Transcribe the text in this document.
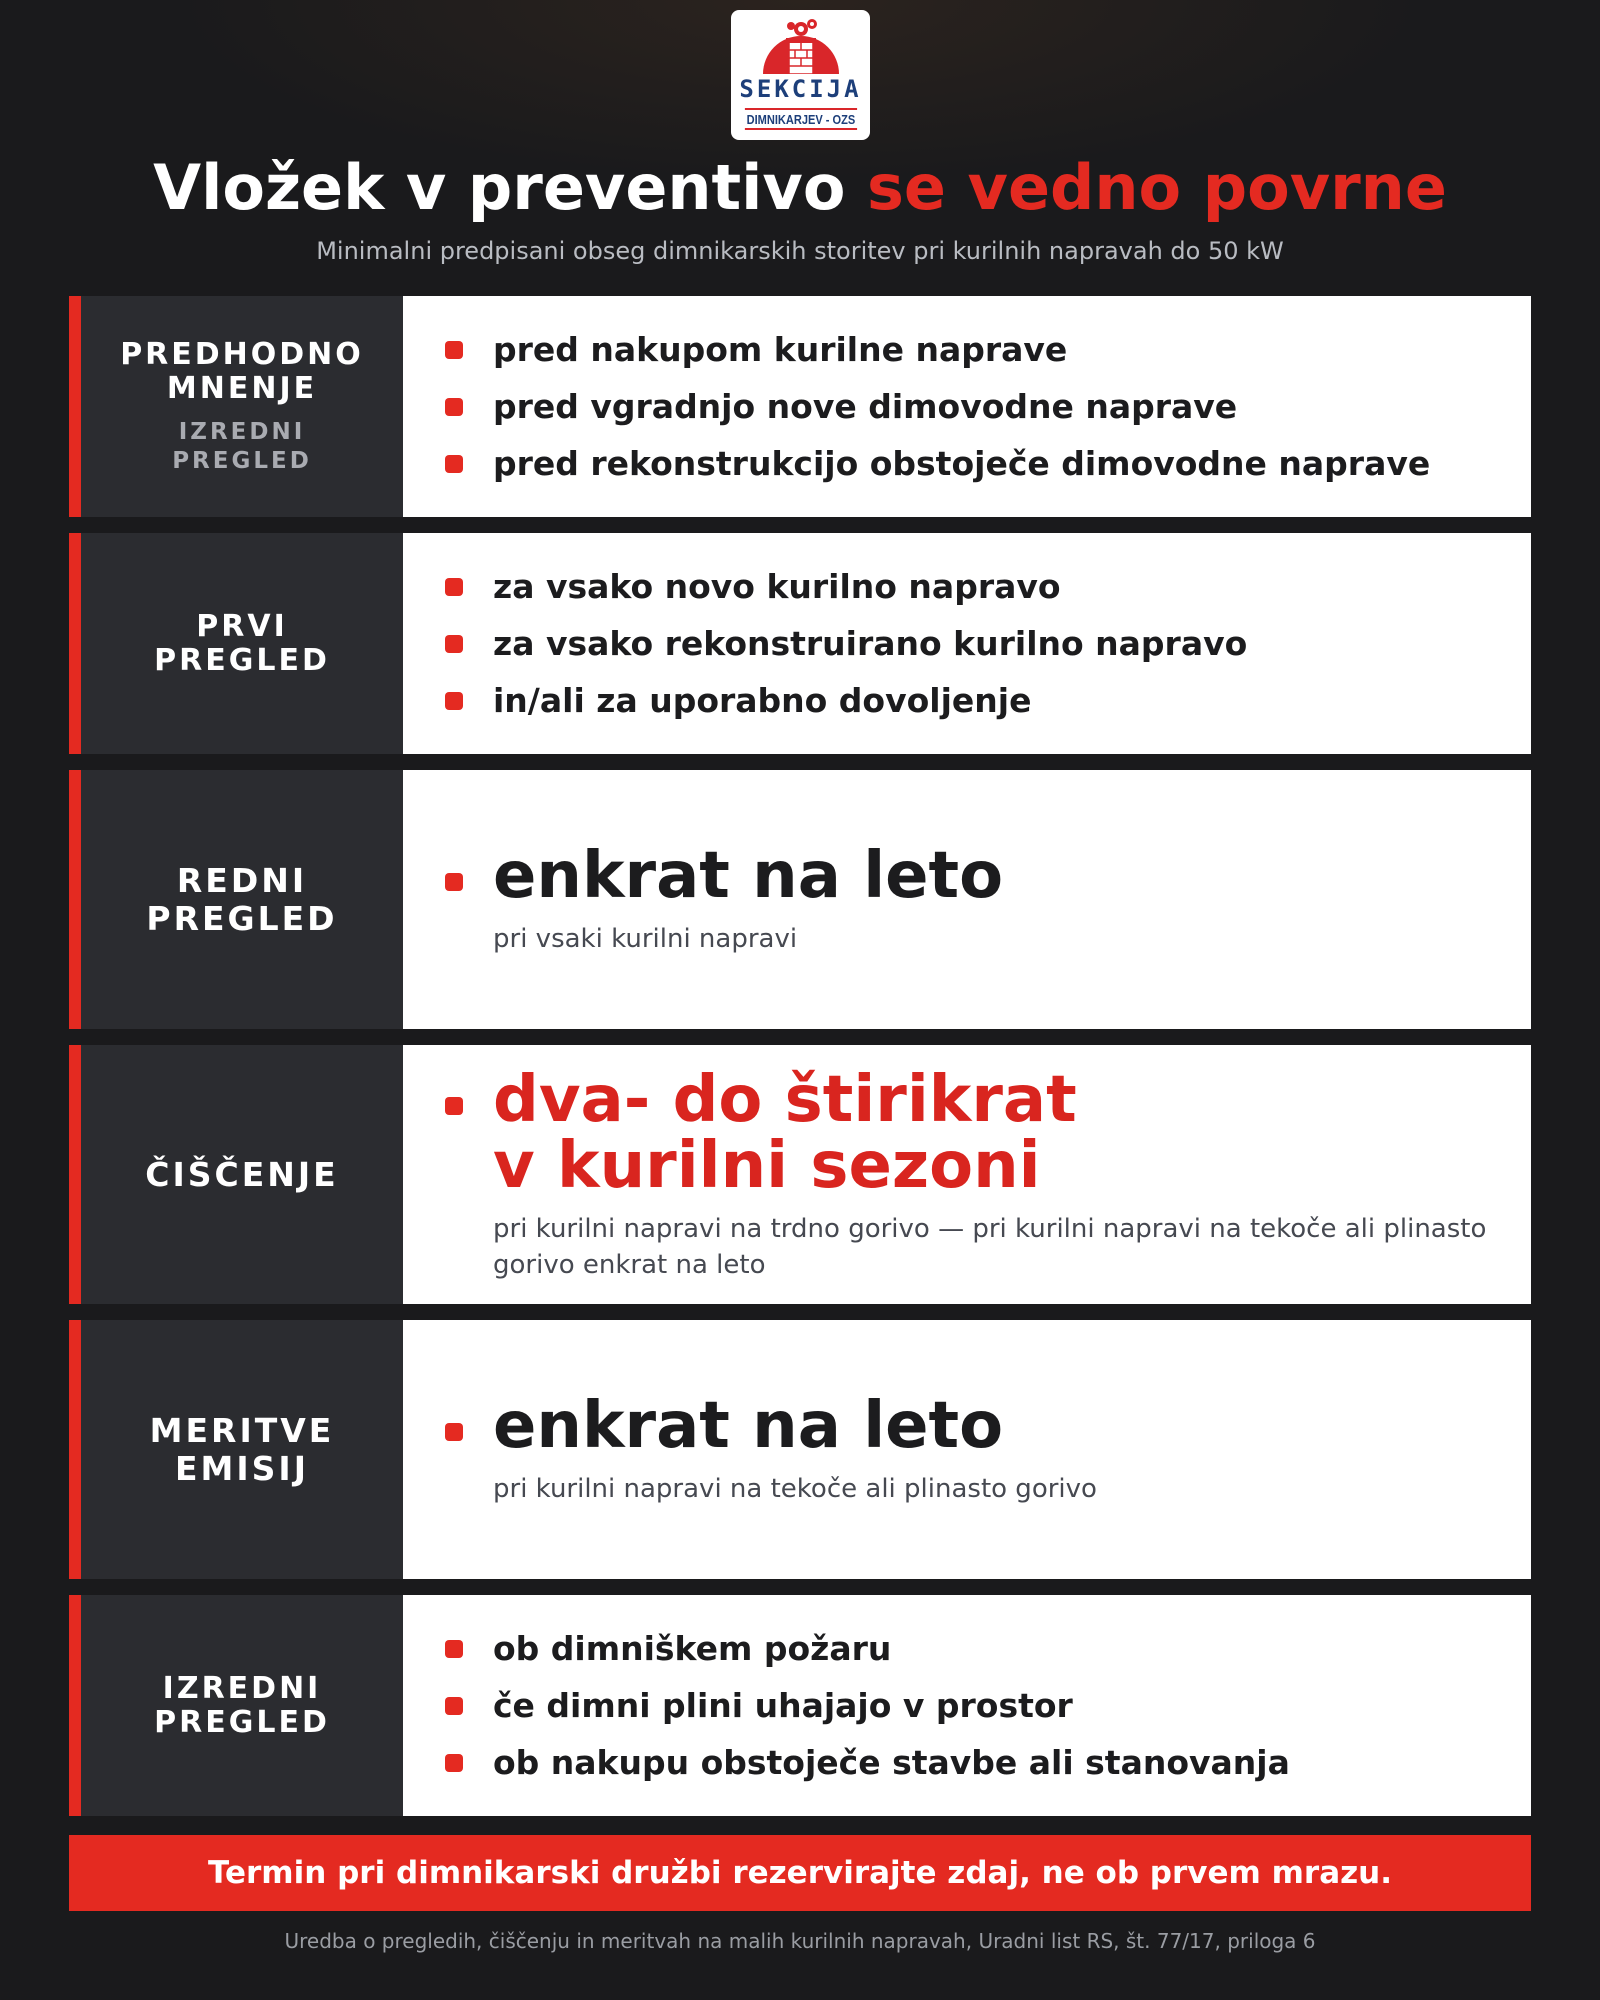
SEKCIJA
DIMNIKARJEV - OZS
Vložek v preventivo se vedno povrne
Minimalni predpisani obseg dimnikarskih storitev pri kurilnih napravah do 50 kW
PREDHODNO
MNENJE
IZREDNI
PREGLED
pred nakupom kurilne naprave
pred vgradnjo nove dimovodne naprave
pred rekonstrukcijo obstoječe dimovodne naprave
PRVI
PREGLED
za vsako novo kurilno napravo
za vsako rekonstruirano kurilno napravo
in/ali za uporabno dovoljenje
REDNI
PREGLED
enkrat na leto
pri vsaki kurilni napravi
ČIŠČENJE
dva- do štirikrat
v kurilni sezoni
pri kurilni napravi na trdno gorivo — pri kurilni napravi na tekoče ali plinasto gorivo enkrat na leto
MERITVE
EMISIJ
enkrat na leto
pri kurilni napravi na tekoče ali plinasto gorivo
IZREDNI
PREGLED
ob dimniškem požaru
če dimni plini uhajajo v prostor
ob nakupu obstoječe stavbe ali stanovanja
Termin pri dimnikarski družbi rezervirajte zdaj, ne ob prvem mrazu.
Uredba o pregledih, čiščenju in meritvah na malih kurilnih napravah, Uradni list RS, št. 77/17, priloga 6
